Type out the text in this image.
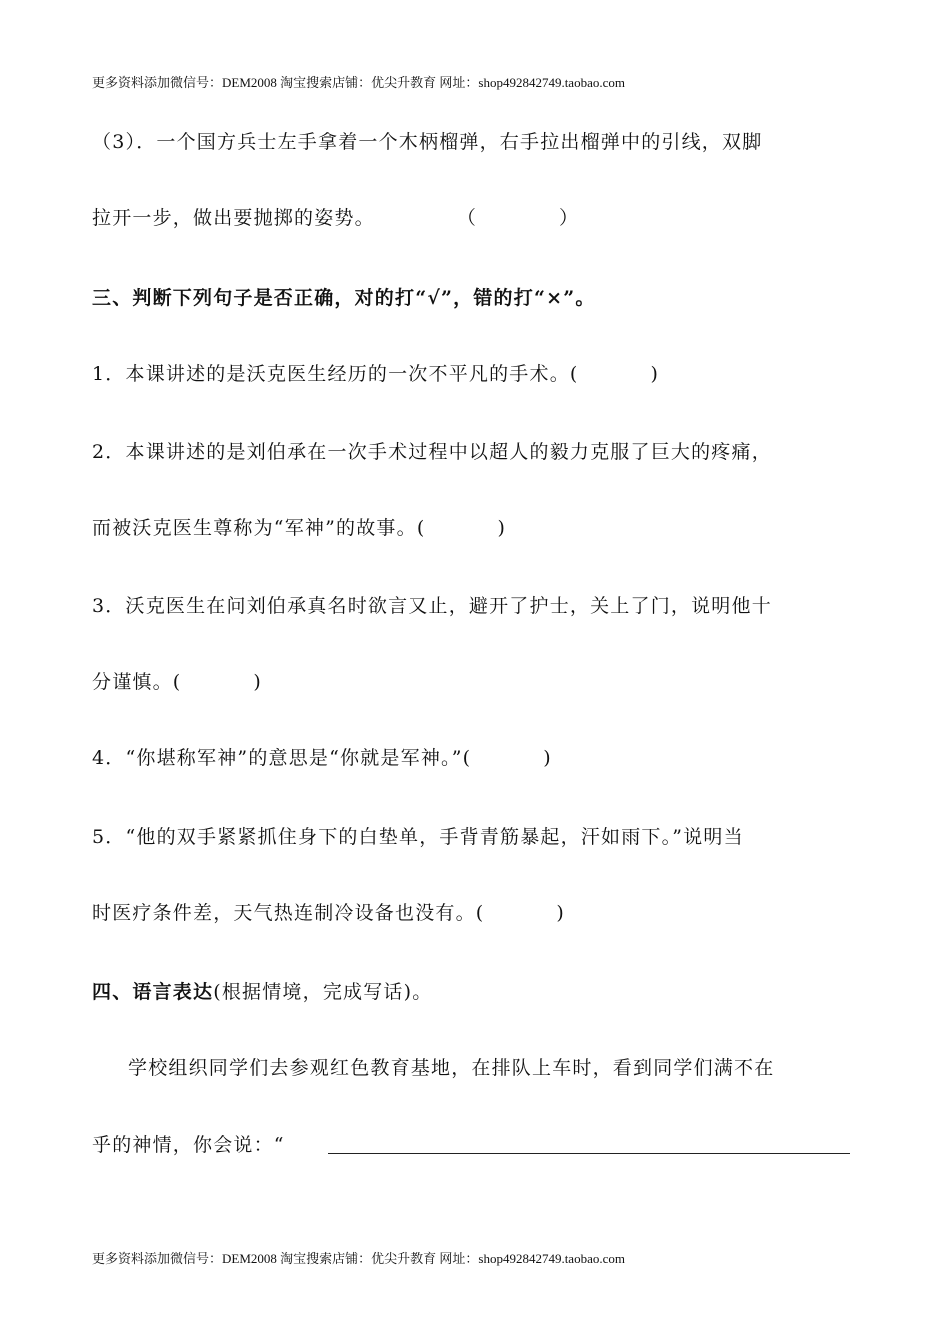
更多资料添加微信号：DEM2008 淘宝搜索店铺：优尖升教育 网址：shop492842749.taobao.com
（3）．一个国方兵士左手拿着一个木柄榴弹，右手拉出榴弹中的引线，双脚
拉开一步，做出要抛掷的姿势。	（	）
三、判断下列句子是否正确，对的打“√”，错的打“×”。
1．本课讲述的是沃克医生经历的一次不平凡的手术。(	)
2．本课讲述的是刘伯承在一次手术过程中以超人的毅力克服了巨大的疼痛，
而被沃克医生尊称为“军神”的故事。(	)
3．沃克医生在问刘伯承真名时欲言又止，避开了护士，关上了门，说明他十
分谨慎。(	)
4．“你堪称军神”的意思是“你就是军神。”(	)
5．“他的双手紧紧抓住身下的白垫单，手背青筋暴起，汗如雨下。”说明当
时医疗条件差，天气热连制冷设备也没有。(	)
四、语言表达(根据情境，完成写话)。
学校组织同学们去参观红色教育基地，在排队上车时，看到同学们满不在
乎的神情，你会说：“
更多资料添加微信号：DEM2008 淘宝搜索店铺：优尖升教育 网址：shop492842749.taobao.com
